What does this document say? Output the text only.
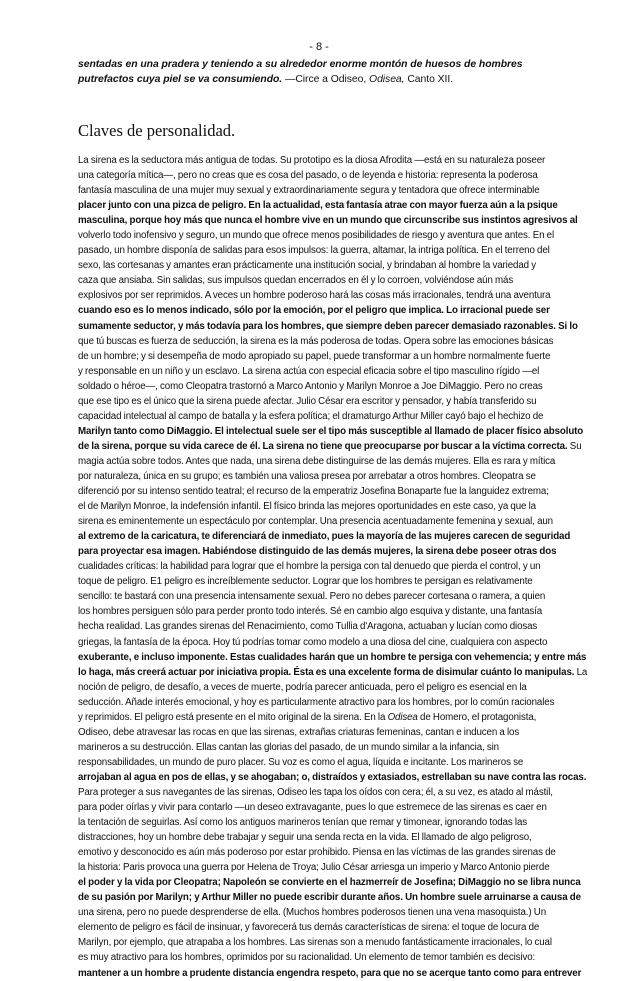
- 8 -
sentadas en una pradera y teniendo a su alrededor enorme montón de huesos de hombres putrefactos cuya piel se va consumiendo. —Circe a Odiseo, Odisea, Canto XII.
Claves de personalidad.
La sirena es la seductora más antigua de todas. Su prototipo es la diosa Afrodita —está en su naturaleza poseer
una categoría mítica—, pero no creas que es cosa del pasado, o de leyenda e historia: representa la poderosa
fantasía masculina de una mujer muy sexual y extraordinariamente segura y tentadora que ofrece interminable
placer junto con una pizca de peligro. En la actualidad, esta fantasía atrae con mayor fuerza aún a la psique
masculina, porque hoy más que nunca el hombre vive en un mundo que circunscribe sus instintos agresivos al
volverlo todo inofensivo y seguro, un mundo que ofrece menos posibilidades de riesgo y aventura que antes. En el
pasado, un hombre disponía de salidas para esos impulsos: la guerra, altamar, la intriga política. En el terreno del
sexo, las cortesanas y amantes eran prácticamente una institución social, y brindaban al hombre la variedad y
caza que ansiaba. Sin salidas, sus impulsos quedan encerrados en él y lo corroen, volviéndose aún más
explosivos por ser reprimidos. A veces un hombre poderoso hará las cosas más irracionales, tendrá una aventura
cuando eso es lo menos indicado, sólo por la emoción, por el peligro que implica. Lo irracional puede ser
sumamente seductor, y más todavía para los hombres, que siempre deben parecer demasiado razonables. Si lo
que tú buscas es fuerza de seducción, la sirena es la más poderosa de todas. Opera sobre las emociones básicas
de un hombre; y si desempeña de modo apropiado su papel, puede transformar a un hombre normalmente fuerte
y responsable en un niño y un esclavo. La sirena actúa con especial eficacia sobre el tipo masculino rígido —el
soldado o héroe—, como Cleopatra trastornó a Marco Antonio y Marilyn Monroe a Joe DiMaggio. Pero no creas
que ese tipo es el único que la sirena puede afectar. Julio César era escritor y pensador, y había transferido su
capacidad intelectual al campo de batalla y la esfera política; el dramaturgo Arthur Miller cayó bajo el hechizo de
Marilyn tanto como DiMaggio. El intelectual suele ser el tipo más susceptible al llamado de placer físico absoluto
de la sirena, porque su vida carece de él. La sirena no tiene que preocuparse por buscar a la víctima correcta. Su
magia actúa sobre todos. Antes que nada, una sirena debe distinguirse de las demás mujeres. Ella es rara y mítica
por naturaleza, única en su grupo; es también una valiosa presea por arrebatar a otros hombres. Cleopatra se
diferenció por su intenso sentido teatral; el recurso de la emperatriz Josefina Bonaparte fue la languidez extrema;
el de Marilyn Monroe, la indefensión infantil. El físico brinda las mejores oportunidades en este caso, ya que la
sirena es eminentemente un espectáculo por contemplar. Una presencia acentuadamente femenina y sexual, aun
al extremo de la caricatura, te diferenciará de inmediato, pues la mayoría de las mujeres carecen de seguridad
para proyectar esa imagen. Habiéndose distinguido de las demás mujeres, la sirena debe poseer otras dos
cualidades críticas: la habilidad para lograr que el hombre la persiga con tal denuedo que pierda el control, y un
toque de peligro. E1 peligro es increíblemente seductor. Lograr que los hombres te persigan es relativamente
sencillo: te bastará con una presencia intensamente sexual. Pero no debes parecer cortesana o ramera, a quien
los hombres persiguen sólo para perder pronto todo interés. Sé en cambio algo esquiva y distante, una fantasía
hecha realidad. Las grandes sirenas del Renacimiento, como Tullia d'Aragona, actuaban y lucían como diosas
griegas, la fantasía de la época. Hoy tú podrías tomar como modelo a una diosa del cine, cualquiera con aspecto
exuberante, e incluso imponente. Estas cualidades harán que un hombre te persiga con vehemencia; y entre más
lo haga, más creerá actuar por iniciativa propia. Ésta es una excelente forma de disimular cuánto lo manipulas. La
noción de peligro, de desafío, a veces de muerte, podría parecer anticuada, pero el peligro es esencial en la
seducción. Añade interés emocional, y hoy es particularmente atractivo para los hombres, por lo común racionales
y reprimidos. El peligro está presente en el mito original de la sirena. En la Odisea de Homero, el protagonista,
Odiseo, debe atravesar las rocas en que las sirenas, extrañas criaturas femeninas, cantan e inducen a los
marineros a su destrucción. Ellas cantan las glorias del pasado, de un mundo similar a la infancia, sin
responsabilidades, un mundo de puro placer. Su voz es como el agua, líquida e incitante. Los marineros se
arrojaban al agua en pos de ellas, y se ahogaban; o, distraídos y extasiados, estrellaban su nave contra las rocas.
Para proteger a sus navegantes de las sirenas, Odiseo les tapa los oídos con cera; él, a su vez, es atado al mástil,
para poder oírlas y vivir para contarlo —un deseo extravagante, pues lo que estremece de las sirenas es caer en
la tentación de seguirlas. Así como los antiguos marineros tenían que remar y timonear, ignorando todas las
distracciones, hoy un hombre debe trabajar y seguir una senda recta en la vida. El llamado de algo peligroso,
emotivo y desconocido es aún más poderoso por estar prohibido. Piensa en las víctimas de las grandes sirenas de
la historia: Paris provoca una guerra por Helena de Troya; Julio César arriesga un imperio y Marco Antonio pierde
el poder y la vida por Cleopatra; Napoleón se convierte en el hazmerreír de Josefina; DiMaggio no se libra nunca
de su pasión por Marilyn; y Arthur Miller no puede escribir durante años. Un hombre suele arruinarse a causa de
una sirena, pero no puede desprenderse de ella. (Muchos hombres poderosos tienen una vena masoquista.) Un
elemento de peligro es fácil de insinuar, y favorecerá tus demás características de sirena: el toque de locura de
Marilyn, por ejemplo, que atrapaba a los hombres. Las sirenas son a menudo fantásticamente irracionales, lo cual
es muy atractivo para los hombres, oprimidos por su racionalidad. Un elemento de temor también es decisivo:
mantener a un hombre a prudente distancia engendra respeto, para que no se acerque tanto como para entrever
